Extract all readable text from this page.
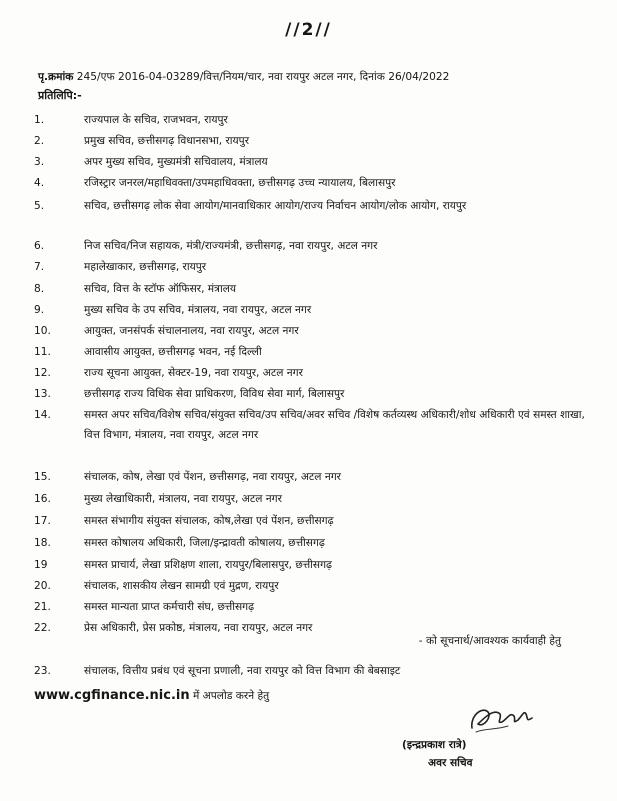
//2//
पृ.क्रमांक 245/एफ 2016-04-03289/वित्त/नियम/चार, नवा रायपुर अटल नगर, दिनांक 26/04/2022
प्रतिलिपि:-
1.	राज्यपाल के सचिव, राजभवन, रायपुर
2.	प्रमुख सचिव, छत्तीसगढ़ विधानसभा, रायपुर
3.	अपर मुख्य सचिव, मुख्यमंत्री सचिवालय, मंत्रालय
4.	रजिस्ट्रार जनरल/महाधिवक्ता/उपमहाधिवक्ता, छत्तीसगढ़ उच्च न्यायालय, बिलासपुर
5.	सचिव, छत्तीसगढ़ लोक सेवा आयोग/मानवाधिकार आयोग/राज्य निर्वाचन आयोग/लोक आयोग, रायपुर
6.	निज सचिव/निज सहायक, मंत्री/राज्यमंत्री, छत्तीसगढ़, नवा रायपुर, अटल नगर
7.	महालेखाकार, छत्तीसगढ़, रायपुर
8.	सचिव, वित्त के स्टॉफ ऑफिसर, मंत्रालय
9.	मुख्य सचिव के उप सचिव, मंत्रालय, नवा रायपुर, अटल नगर
10.	आयुक्त, जनसंपर्क संचालनालय, नवा रायपुर, अटल नगर
11.	आवासीय आयुक्त, छत्तीसगढ़ भवन, नई दिल्ली
12.	राज्य सूचना आयुक्त, सेक्टर-19, नवा रायपुर, अटल नगर
13.	छत्तीसगढ़ राज्य विधिक सेवा प्राधिकरण, विविध सेवा मार्ग, बिलासपुर
14.	समस्त अपर सचिव/विशेष सचिव/संयुक्त सचिव/उप सचिव/अवर सचिव /विशेष कर्तव्यस्थ अधिकारी/शोध अधिकारी एवं समस्त शाखा, वित्त विभाग, मंत्रालय, नवा रायपुर, अटल नगर
15.	संचालक, कोष, लेखा एवं पेंशन, छत्तीसगढ़, नवा रायपुर, अटल नगर
16.	मुख्य लेखाधिकारी, मंत्रालय, नवा रायपुर, अटल नगर
17.	समस्त संभागीय संयुक्त संचालक, कोष,लेखा एवं पेंशन, छत्तीसगढ़
18.	समस्त कोषालय अधिकारी, जिला/इन्द्रावती कोषालय, छत्तीसगढ़
19	समस्त प्राचार्य, लेखा प्रशिक्षण शाला, रायपुर/बिलासपुर, छत्तीसगढ़
20.	संचालक, शासकीय लेखन सामग्री एवं मुद्रण, रायपुर
21.	समस्त मान्यता प्राप्त कर्मचारी संघ, छत्तीसगढ़
22.	प्रेस अधिकारी, प्रेस प्रकोष्ठ, मंत्रालय, नवा रायपुर, अटल नगर
23.	संचालक, वित्तीय प्रबंध एवं सूचना प्रणाली, नवा रायपुर को वित्त विभाग की बेबसाइट
- को सूचनार्थ/आवश्यक कार्यवाही हेतु
www.cgfinance.nic.in में अपलोड करने हेतु
(इन्द्रप्रकाश रात्रे)
अवर सचिव
